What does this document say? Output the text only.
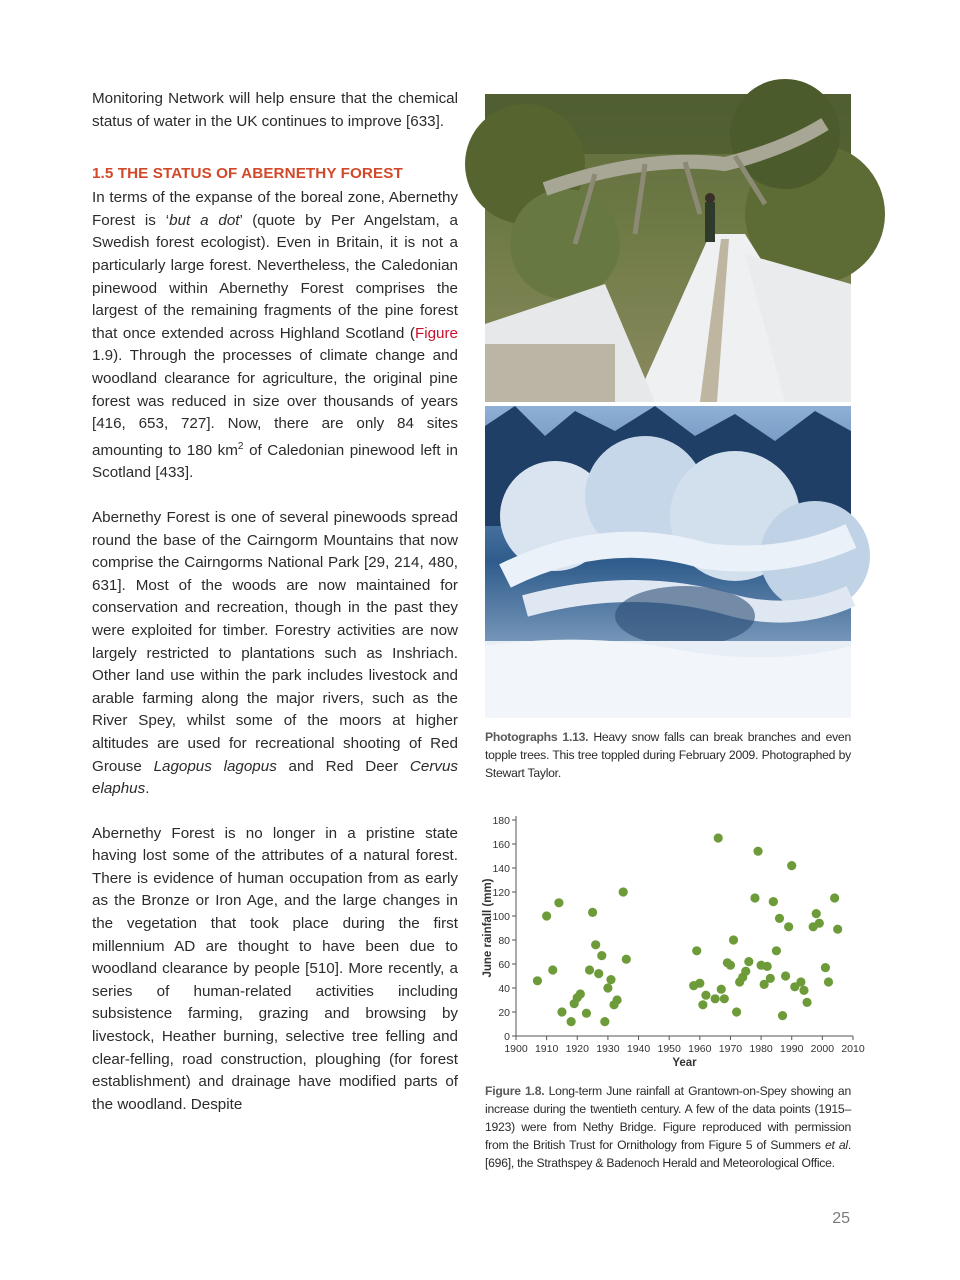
Monitoring Network will help ensure that the chemical status of water in the UK continues to improve [633].

1.5 THE STATUS OF ABERNETHY FOREST

In terms of the expanse of the boreal zone, Abernethy Forest is ‘but a dot’ (quote by Per Angelstam, a Swedish forest ecologist). Even in Britain, it is not a particularly large forest. Nevertheless, the Caledonian pinewood within Abernethy Forest comprises the largest of the remaining fragments of the pine forest that once extended across Highland Scotland (Figure 1.9). Through the processes of climate change and woodland clearance for agriculture, the original pine forest was reduced in size over thousands of years [416, 653, 727]. Now, there are only 84 sites amounting to 180 $km^2$ of Caledonian pinewood left in Scotland [433].

Abernethy Forest is one of several pinewoods spread round the base of the Cairngorm Mountains that now comprise the Cairngorms National Park [29, 214, 480, 631]. Most of the woods are now maintained for conservation and recreation, though in the past they were exploited for timber. Forestry activities are now largely restricted to plantations such as Inshriach. Other land use within the park includes livestock and arable farming along the major rivers, such as the River Spey, whilst some of the moors at higher altitudes are used for recreational shooting of Red Grouse Lagopus lagopus and Red Deer Cervus elaphus.

Abernethy Forest is no longer in a pristine state having lost some of the attributes of a natural forest. There is evidence of human occupation from as early as the Bronze or Iron Age, and the large changes in the vegetation that took place during the first millennium AD are thought to have been due to woodland clearance by people [510]. More recently, a series of human-related activities including subsistence farming, grazing and browsing by livestock, Heather burning, selective tree felling and clear-felling, road construction, ploughing (for forest establishment) and drainage have modified parts of the woodland. Despite

Photographs 1.13. Heavy snow falls can break branches and even topple trees. This tree toppled during February 2009. Photographed by Stewart Taylor.
0
20
40
60
80
100
120
140
160
180
1900 1910 1920 1930 1940 1950 1960 1970 1980 1990 2000 2010
Year
June rainfall (mm)
Figure 1.8. Long-term June rainfall at Grantown-on-Spey showing an increase during the twentieth century. A few of the data points (1915–1923) were from Nethy Bridge. Figure reproduced with permission from the British Trust for Ornithology from Figure 5 of Summers et al. [696], the Strathspey & Badenoch Herald and Meteorological Office.
25
